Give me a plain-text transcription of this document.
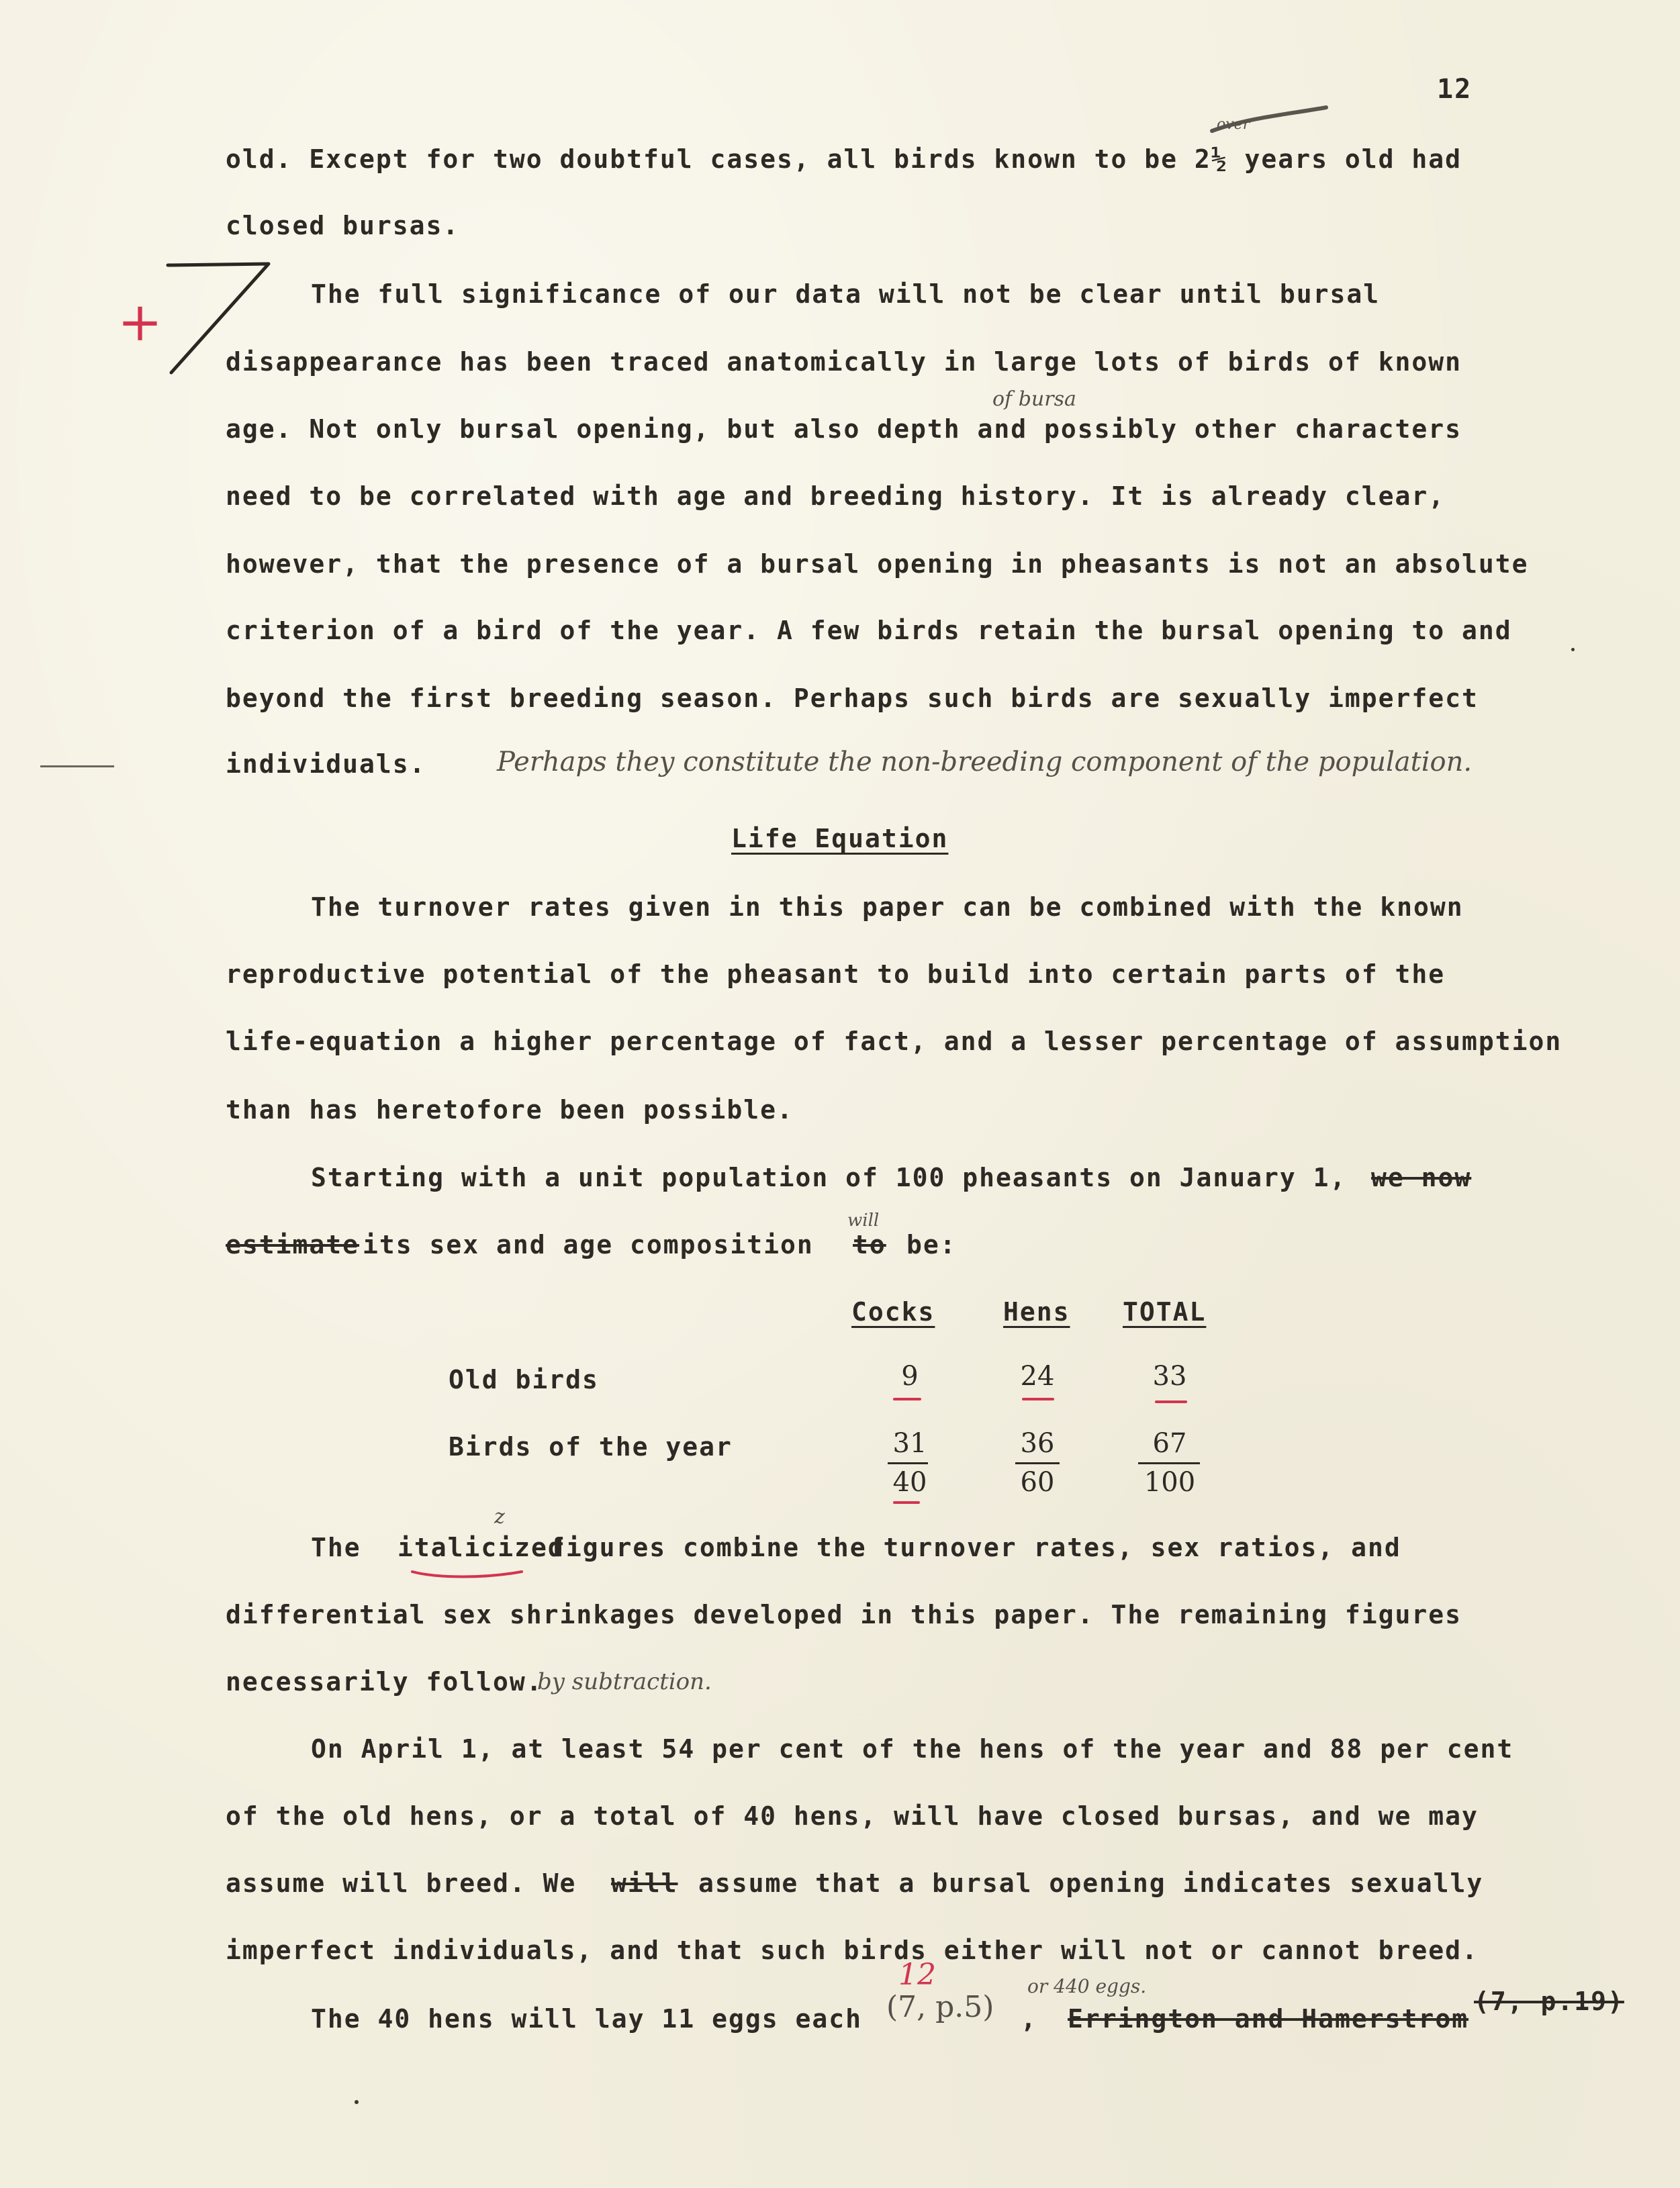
12
old. Except for two doubtful cases, all birds known to be 2½ years old had
over
closed bursas.
+	The full significance of our data will not be clear until bursal
disappearance has been traced anatomically in large lots of birds of known
of bursa
age. Not only bursal opening, but also depth and possibly other characters
need to be correlated with age and breeding history. It is already clear,
however, that the presence of a bursal opening in pheasants is not an absolute
criterion of a bird of the year. A few birds retain the bursal opening to and
beyond the first breeding season. Perhaps such birds are sexually imperfect
individuals.	Perhaps they constitute the non-breeding component of the population.
Life Equation
The turnover rates given in this paper can be combined with the known
reproductive potential of the pheasant to build into certain parts of the
life-equation a higher percentage of fact, and a lesser percentage of assumption
than has heretofore been possible.
Starting with a unit population of 100 pheasants on January 1, we now
will
estimate its sex and age composition to be:
Cocks	Hens TOTAL
Old birds	9	24	33
Birds of the year	31	36	67
40	60	100
The
z
italicized
figures combine the turnover rates, sex ratios, and
differential sex shrinkages developed in this paper. The remaining figures
necessarily follow.
by subtraction.
On April 1, at least 54 per cent of the hens of the year and 88 per cent
of the old hens, or a total of 40 hens, will have closed bursas, and we may
assume will breed. We will assume that a bursal opening indicates sexually
imperfect individuals, and that such birds either will not or cannot breed.
The 40 hens will lay 11 eggs each
12
(7, p.5) ,
or 440 eggs.
Errington and Hamerstrom
(7, p.19)
